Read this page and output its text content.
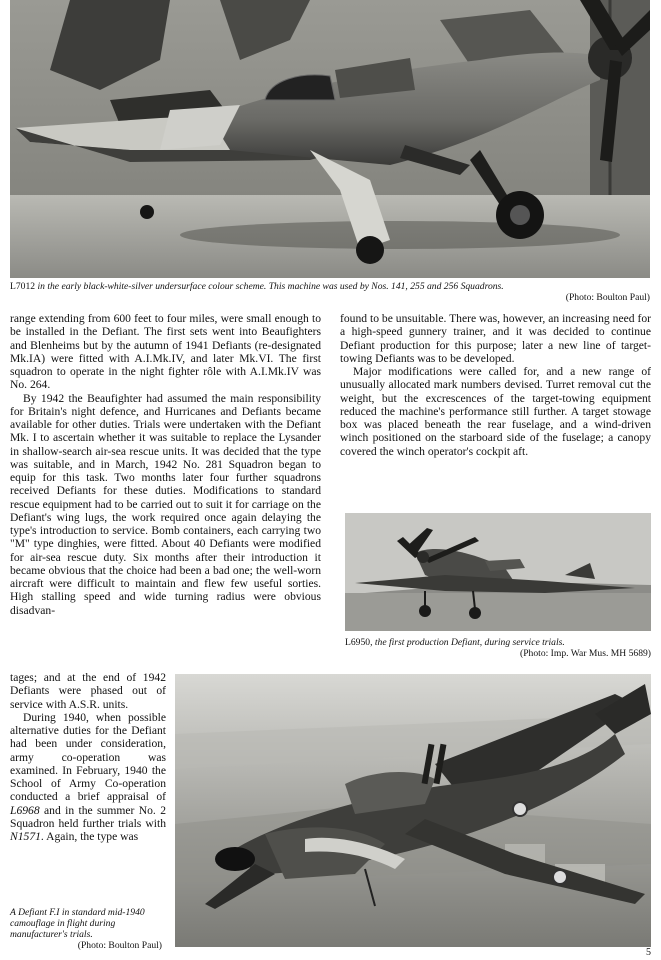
L7012 in the early black-white-silver undersurface colour scheme. This machine was used by Nos. 141, 255 and 256 Squadrons.
(Photo: Boulton Paul)

range extending from 600 feet to four miles, were small enough to be installed in the Defiant. The first sets went into Beaufighters and Blenheims but by the autumn of 1941 Defiants (re-designated Mk.IA) were fitted with A.I.Mk.IV, and later Mk.VI. The first squadron to operate in the night fighter rôle with A.I.Mk.IV was No. 264.

By 1942 the Beaufighter had assumed the main responsibility for Britain's night defence, and Hurricanes and Defiants became available for other duties. Trials were undertaken with the Defiant Mk. I to ascertain whether it was suitable to replace the Lysander in shallow-search air-sea rescue units. It was decided that the type was suitable, and in March, 1942 No. 281 Squadron began to equip for this task. Two months later four further squadrons received Defiants for these duties. Modifications to standard rescue equipment had to be carried out to suit it for carriage on the Defiant's wing lugs, the work required once again delaying the type's introduction to service. Bomb containers, each carrying two "M" type dinghies, were fitted. About 40 Defiants were modified for air-sea rescue duty. Six months after their introduction it became obvious that the choice had been a bad one; the well-worn aircraft were difficult to maintain and flew few useful sorties. High stalling speed and wide turning radius were obvious disadvan-

tages; and at the end of 1942 Defiants were phased out of service with A.S.R. units.

During 1940, when possible alternative duties for the Defiant had been under consideration, army co-operation was examined. In February, 1940 the School of Army Co-operation conducted a brief appraisal of L6968 and in the summer No. 2 Squadron held further trials with N1571. Again, the type was

found to be unsuitable. There was, however, an increasing need for a high-speed gunnery trainer, and it was decided to continue Defiant production for this purpose; later a new line of target-towing Defiants was to be developed.

Major modifications were called for, and a new range of unusually allocated mark numbers devised. Turret removal cut the weight, but the excrescences of the target-towing equipment reduced the machine's performance still further. A target stowage box was placed beneath the rear fuselage, and a wind-driven winch positioned on the starboard side of the fuselage; a canopy covered the winch operator's cockpit aft.

L6950, the first production Defiant, during service trials.
(Photo: Imp. War Mus. MH 5689)
A Defiant F.I in standard mid-1940 camouflage in flight during manufacturer's trials.
(Photo: Boulton Paul)
5
